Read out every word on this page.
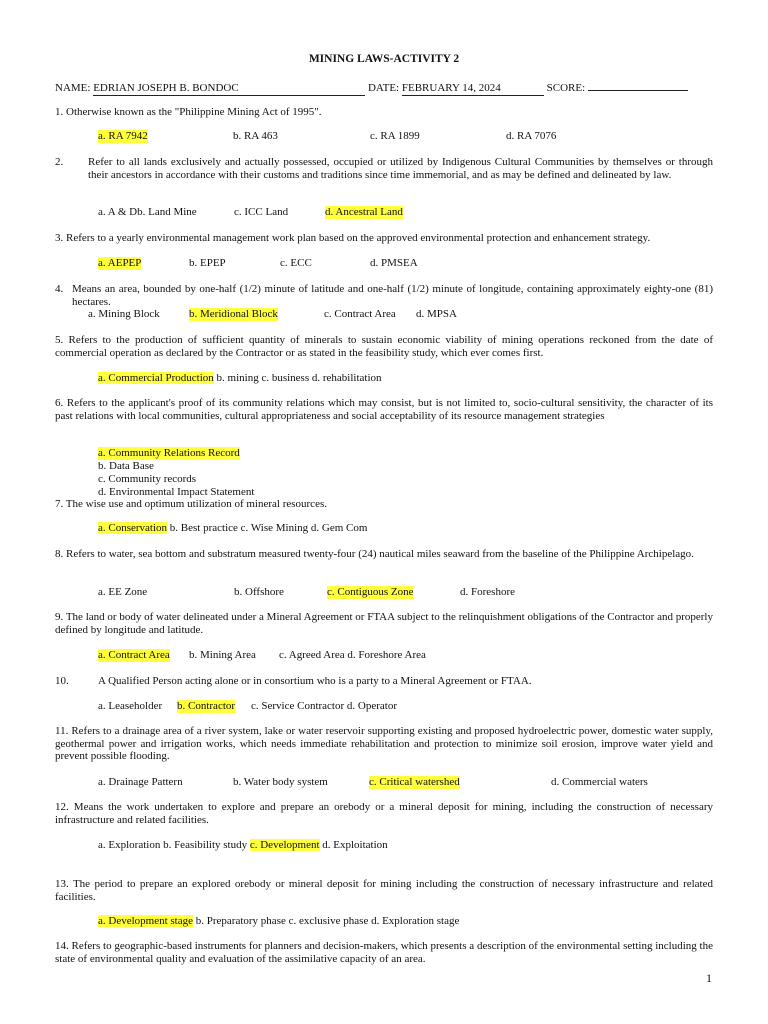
MINING LAWS-ACTIVITY 2
NAME: EDRIAN JOSEPH B. BONDOC	DATE: FEBRUARY 14, 2024	SCORE:
1. Otherwise known as the "Philippine Mining Act of 1995".
a. RA 7942	b. RA 463	c. RA 1899	d. RA 7076
2. Refer to all lands exclusively and actually possessed, occupied or utilized by Indigenous Cultural Communities by themselves or through their ancestors in accordance with their customs and traditions since time immemorial, and as may be defined and delineated by law.
a. A & Db. Land Mine	c. ICC Land	d. Ancestral Land
3. Refers to a yearly environmental management work plan based on the approved environmental protection and enhancement strategy.
a. AEPEP	b. EPEP	c. ECC	d. PMSEA
4. Means an area, bounded by one-half (1/2) minute of latitude and one-half (1/2) minute of longitude, containing approximately eighty-one (81) hectares.
a. Mining Block	b. Meridional Block	c. Contract Area d. MPSA
5. Refers to the production of sufficient quantity of minerals to sustain economic viability of mining operations reckoned from the date of commercial operation as declared by the Contractor or as stated in the feasibility study, which ever comes first.
a. Commercial Production b. mining c. business d. rehabilitation
6. Refers to the applicant's proof of its community relations which may consist, but is not limited to, socio-cultural sensitivity, the character of its past relations with local communities, cultural appropriateness and social acceptability of its resource management strategies
a. Community Relations Record
b. Data Base
c. Community records
d. Environmental Impact Statement
7. The wise use and optimum utilization of mineral resources.
a. Conservation b. Best practice c. Wise Mining d. Gem Com
8. Refers to water, sea bottom and substratum measured twenty-four (24) nautical miles seaward from the baseline of the Philippine Archipelago.
a. EE Zone	b. Offshore	c. Contiguous Zone	d. Foreshore
9. The land or body of water delineated under a Mineral Agreement or FTAA subject to the relinquishment obligations of the Contractor and properly defined by longitude and latitude.
a. Contract Area b. Mining Area c. Agreed Area d. Foreshore Area
10.	A Qualified Person acting alone or in consortium who is a party to a Mineral Agreement or FTAA.
a. Leaseholder b. Contractor c. Service Contractor d. Operator
11. Refers to a drainage area of a river system, lake or water reservoir supporting existing and proposed hydroelectric power, domestic water supply, geothermal power and irrigation works, which needs immediate rehabilitation and protection to minimize soil erosion, improve water yield and prevent possible flooding.
a. Drainage Pattern	b. Water body system	c. Critical watershed	d. Commercial waters
12. Means the work undertaken to explore and prepare an orebody or a mineral deposit for mining, including the construction of necessary infrastructure and related facilities.
a. Exploration b. Feasibility study c. Development d. Exploitation
13. The period to prepare an explored orebody or mineral deposit for mining including the construction of necessary infrastructure and related facilities.
a. Development stage b. Preparatory phase c. exclusive phase d. Exploration stage
14. Refers to geographic-based instruments for planners and decision-makers, which presents a description of the environmental setting including the state of environmental quality and evaluation of the assimilative capacity of an area.
1
